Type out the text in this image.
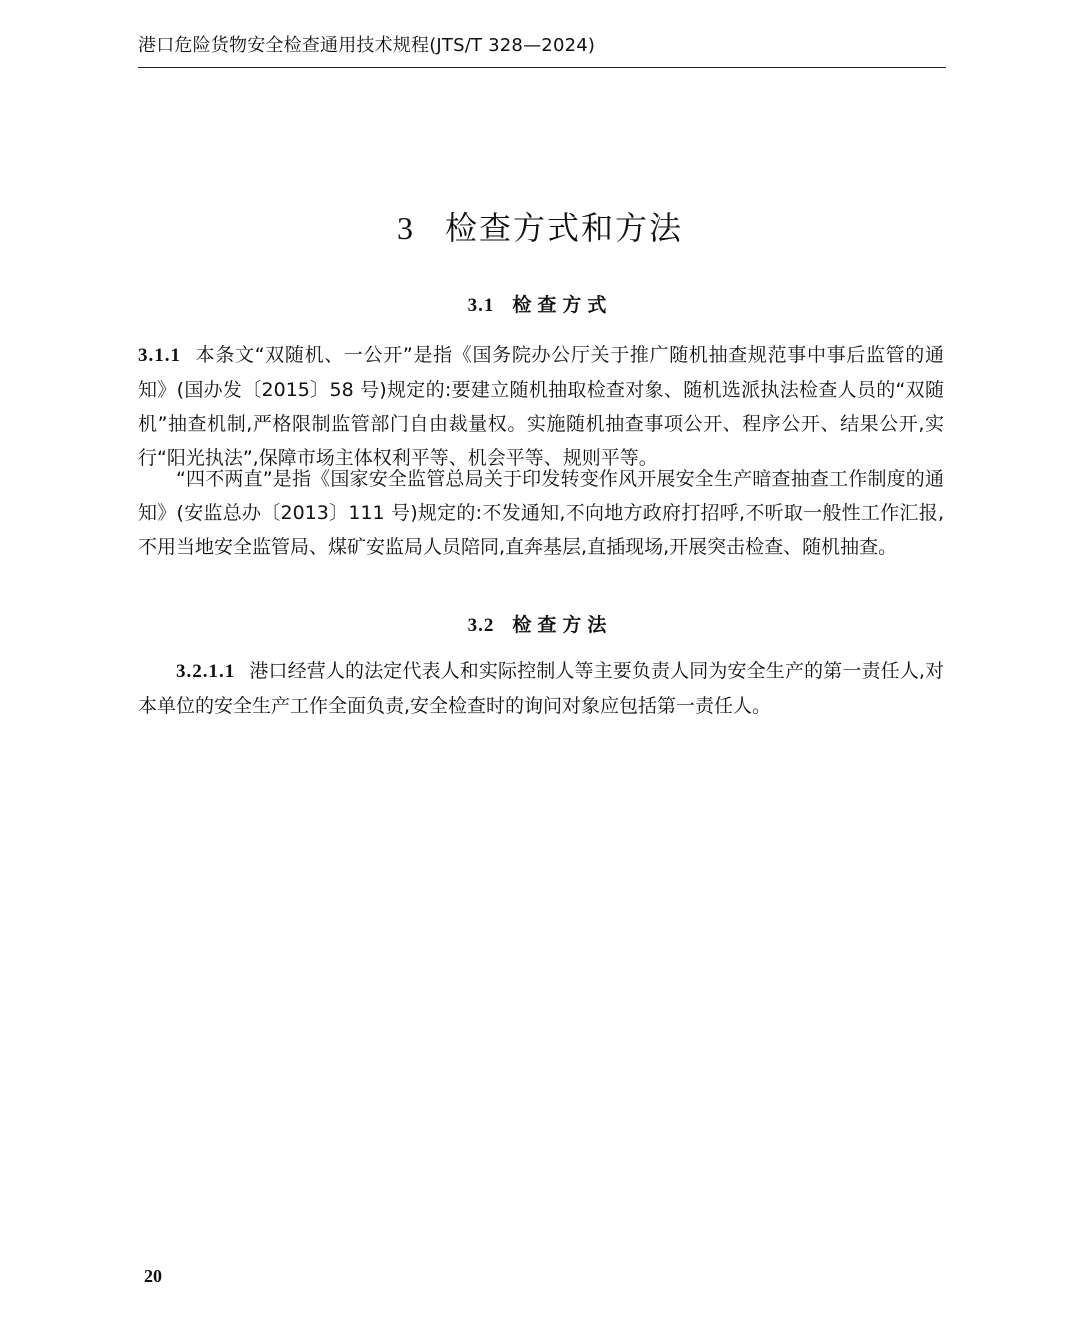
港口危险货物安全检查通用技术规程(JTS/T 328—2024)
3 检查方式和方法
3.1 检查方式

3.1.1 本条文“双随机、一公开”是指《国务院办公厅关于推广随机抽查规范事中事后监管的通知》(国办发〔2015〕58 号)规定的:要建立随机抽取检查对象、随机选派执法检查人员的“双随机”抽查机制,严格限制监管部门自由裁量权。实施随机抽查事项公开、程序公开、结果公开,实行“阳光执法”,保障市场主体权利平等、机会平等、规则平等。

“四不两直”是指《国家安全监管总局关于印发转变作风开展安全生产暗查抽查工作制度的通知》(安监总办〔2013〕111 号)规定的:不发通知,不向地方政府打招呼,不听取一般性工作汇报,不用当地安全监管局、煤矿安监局人员陪同,直奔基层,直插现场,开展突击检查、随机抽查。

3.2 检查方法

3.2.1.1 港口经营人的法定代表人和实际控制人等主要负责人同为安全生产的第一责任人,对本单位的安全生产工作全面负责,安全检查时的询问对象应包括第一责任人。

20
